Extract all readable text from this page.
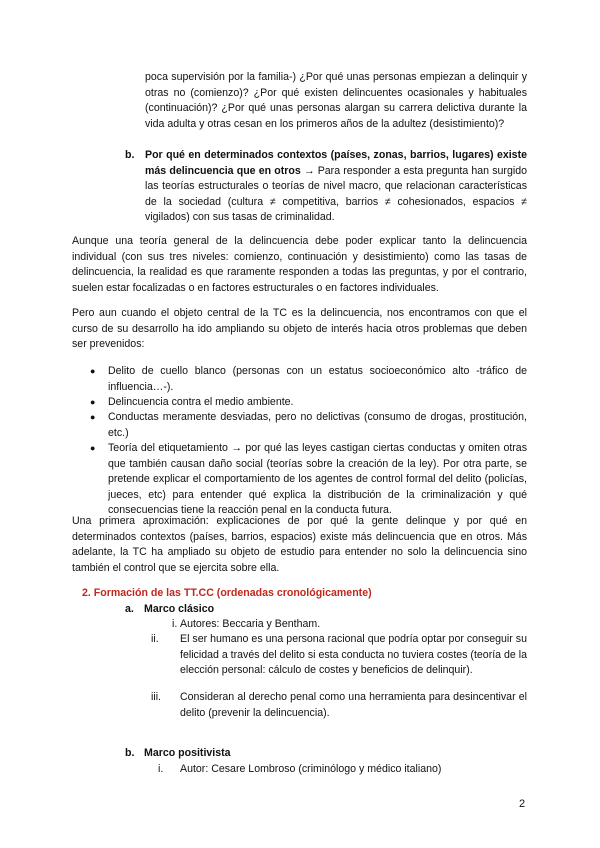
poca supervisión por la familia-) ¿Por qué unas personas empiezan a delinquir y otras no (comienzo)? ¿Por qué existen delincuentes ocasionales y habituales (continuación)? ¿Por qué unas personas alargan su carrera delictiva durante la vida adulta y otras cesan en los primeros años de la adultez (desistimiento)?

b. Por qué en determinados contextos (países, zonas, barrios, lugares) existe más delincuencia que en otros → Para responder a esta pregunta han surgido las teorías estructurales o teorías de nivel macro, que relacionan características de la sociedad (cultura ≠ competitiva, barrios ≠ cohesionados, espacios ≠ vigilados) con sus tasas de criminalidad.

Aunque una teoría general de la delincuencia debe poder explicar tanto la delincuencia individual (con sus tres niveles: comienzo, continuación y desistimiento) como las tasas de delincuencia, la realidad es que raramente responden a todas las preguntas, y por el contrario, suelen estar focalizadas o en factores estructurales o en factores individuales.

Pero aun cuando el objeto central de la TC es la delincuencia, nos encontramos con que el curso de su desarrollo ha ido ampliando su objeto de interés hacia otros problemas que deben ser prevenidos:

● Delito de cuello blanco (personas con un estatus socioeconómico alto -tráfico de influencia…-).

● Delincuencia contra el medio ambiente.

● Conductas meramente desviadas, pero no delictivas (consumo de drogas, prostitución, etc.)

● Teoría del etiquetamiento → por qué las leyes castigan ciertas conductas y omiten otras que también causan daño social (teorías sobre la creación de la ley). Por otra parte, se pretende explicar el comportamiento de los agentes de control formal del delito (policías, jueces, etc) para entender qué explica la distribución de la criminalización y qué consecuencias tiene la reacción penal en la conducta futura.

Una primera aproximación: explicaciones de por qué la gente delinque y por qué en determinados contextos (países, barrios, espacios) existe más delincuencia que en otros. Más adelante, la TC ha ampliado su objeto de estudio para entender no solo la delincuencia sino también el control que se ejercita sobre ella.

2. Formación de las TT.CC (ordenadas cronológicamente)
a. Marco clásico
i. Autores: Beccaria y Bentham.

ii. El ser humano es una persona racional que podría optar por conseguir su felicidad a través del delito si esta conducta no tuviera costes (teoría de la elección personal: cálculo de costes y beneficios de delinquir).

iii. Consideran al derecho penal como una herramienta para desincentivar el delito (prevenir la delincuencia).

b. Marco positivista
i. Autor: Cesare Lombroso (criminólogo y médico italiano)
2
